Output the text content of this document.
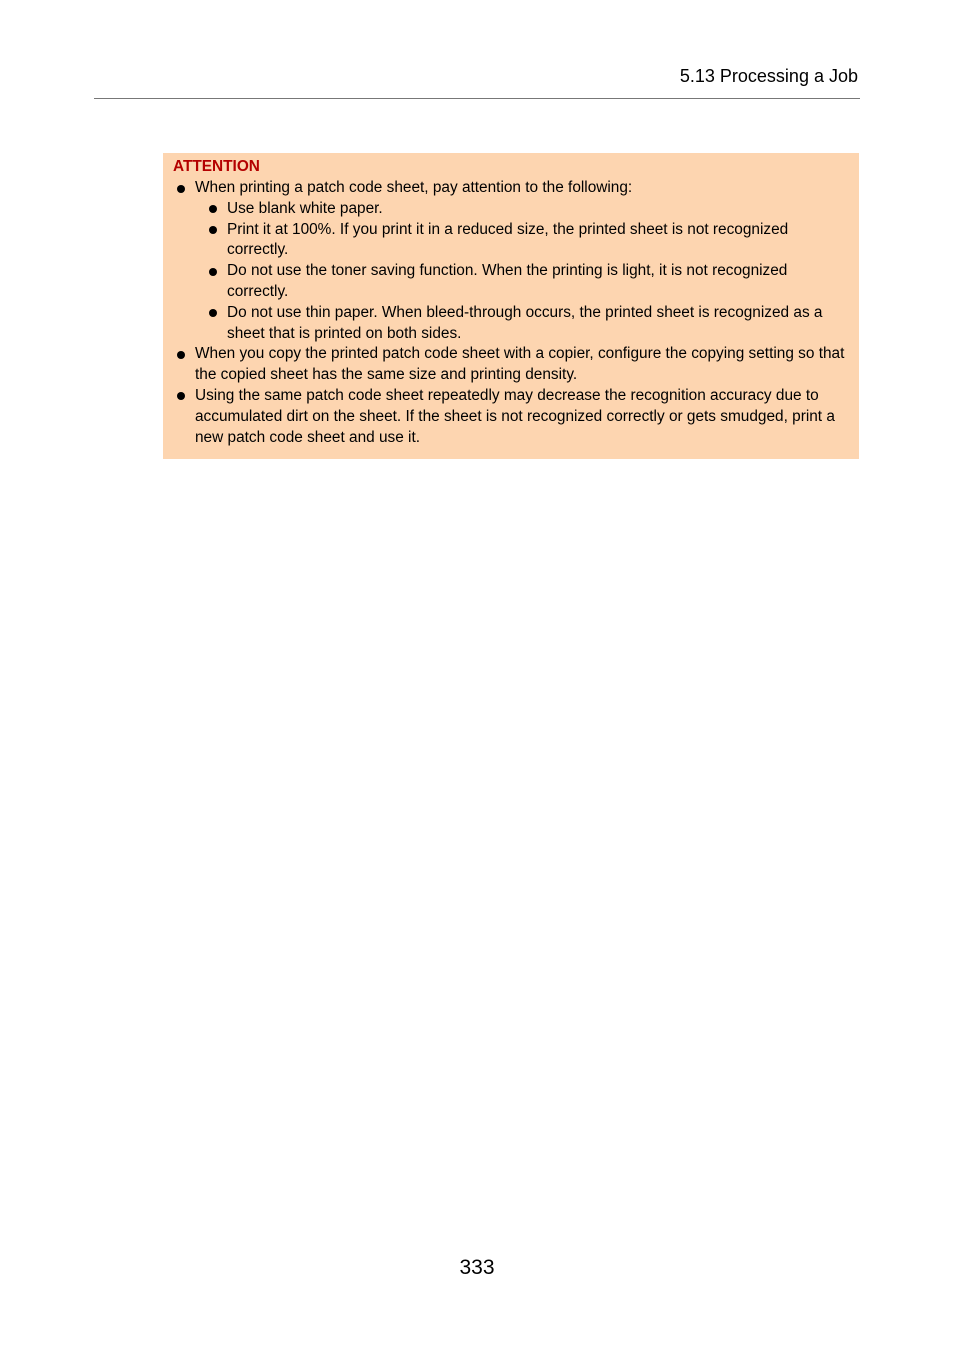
5.13 Processing a Job
ATTENTION
When printing a patch code sheet, pay attention to the following:
Use blank white paper.
Print it at 100%. If you print it in a reduced size, the printed sheet is not recognized correctly.
Do not use the toner saving function. When the printing is light, it is not recognized correctly.
Do not use thin paper. When bleed-through occurs, the printed sheet is recognized as a sheet that is printed on both sides.
When you copy the printed patch code sheet with a copier, configure the copying setting so that the copied sheet has the same size and printing density.
Using the same patch code sheet repeatedly may decrease the recognition accuracy due to accumulated dirt on the sheet. If the sheet is not recognized correctly or gets smudged, print a new patch code sheet and use it.
333
